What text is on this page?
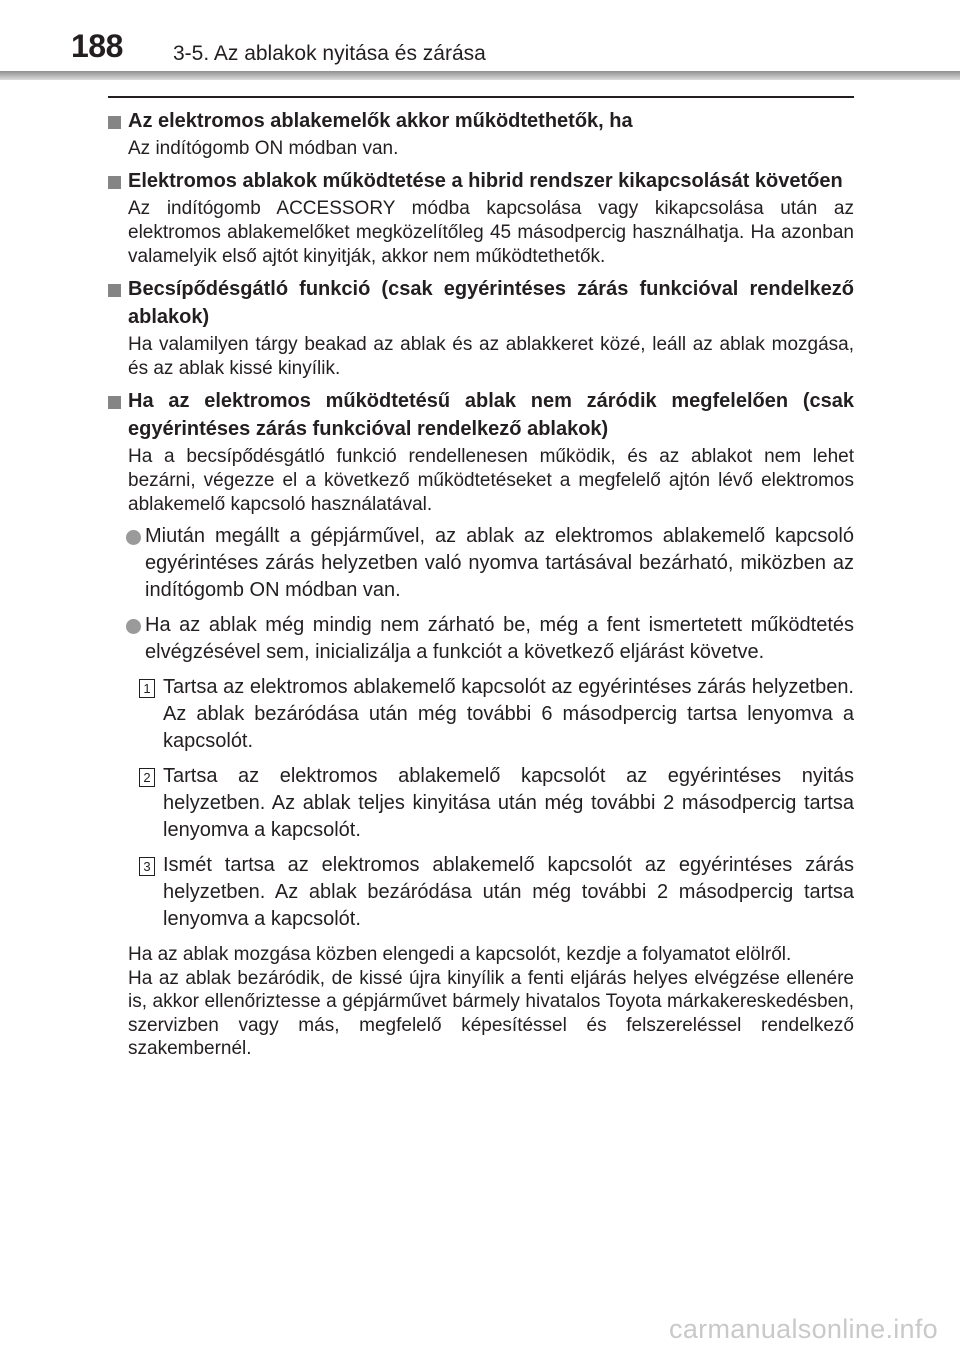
188 3-5. Az ablakok nyitása és zárása
Az elektromos ablakemelők akkor működtethetők, ha
Az indítógomb ON módban van.
Elektromos ablakok működtetése a hibrid rendszer kikapcsolását követően
Az indítógomb ACCESSORY módba kapcsolása vagy kikapcsolása után az elektromos ablakemelőket megközelítőleg 45 másodpercig használhatja. Ha azonban valamelyik első ajtót kinyitják, akkor nem működtethetők.
Becsípődésgátló funkció (csak egyérintéses zárás funkcióval rendelkező ablakok)
Ha valamilyen tárgy beakad az ablak és az ablakkeret közé, leáll az ablak mozgása, és az ablak kissé kinyílik.
Ha az elektromos működtetésű ablak nem záródik megfelelően (csak egyérintéses zárás funkcióval rendelkező ablakok)
Ha a becsípődésgátló funkció rendellenesen működik, és az ablakot nem lehet bezárni, végezze el a következő működtetéseket a megfelelő ajtón lévő elektromos ablakemelő kapcsoló használatával.
Miután megállt a gépjárművel, az ablak az elektromos ablakemelő kapcsoló egyérintéses zárás helyzetben való nyomva tartásával bezárható, miközben az indítógomb ON módban van.
Ha az ablak még mindig nem zárható be, még a fent ismertetett működtetés elvégzésével sem, inicializálja a funkciót a következő eljárást követve.
1 Tartsa az elektromos ablakemelő kapcsolót az egyérintéses zárás helyzetben. Az ablak bezáródása után még további 6 másodpercig tartsa lenyomva a kapcsolót.
2 Tartsa az elektromos ablakemelő kapcsolót az egyérintéses nyitás helyzetben. Az ablak teljes kinyitása után még további 2 másodpercig tartsa lenyomva a kapcsolót.
3 Ismét tartsa az elektromos ablakemelő kapcsolót az egyérintéses zárás helyzetben. Az ablak bezáródása után még további 2 másodpercig tartsa lenyomva a kapcsolót.
Ha az ablak mozgása közben elengedi a kapcsolót, kezdje a folyamatot elölről.
Ha az ablak bezáródik, de kissé újra kinyílik a fenti eljárás helyes elvégzése ellenére is, akkor ellenőriztesse a gépjárművet bármely hivatalos Toyota márkakereskedésben, szervizben vagy más, megfelelő képesítéssel és felszereléssel rendelkező szakembernél.
carmanualsonline.info
